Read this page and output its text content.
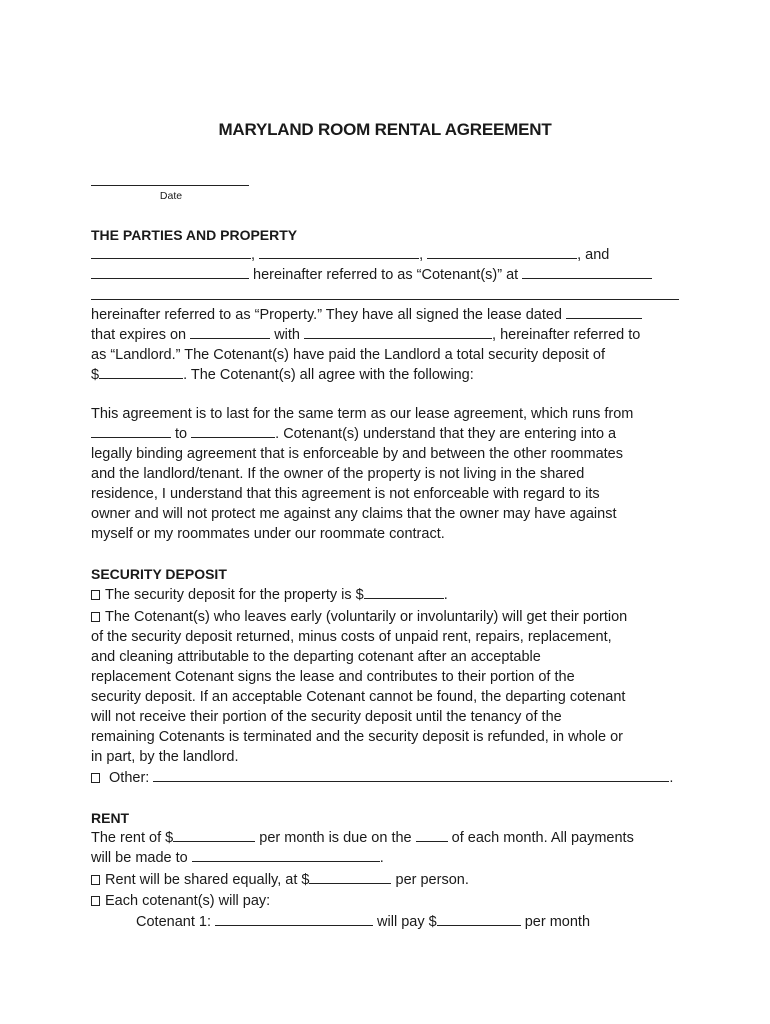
MARYLAND ROOM RENTAL AGREEMENT
Date
THE PARTIES AND PROPERTY
,	,	, and
hereinafter referred to as “Cotenant(s)” at
hereinafter referred to as “Property.” They have all signed the lease dated
that expires on	with	, hereinafter referred to
as “Landlord.” The Cotenant(s) have paid the Landlord a total security deposit of
$	. The Cotenant(s) all agree with the following:
This agreement is to last for the same term as our lease agreement, which runs from
to	. Cotenant(s) understand that they are entering into a
legally binding agreement that is enforceable by and between the other roommates
and the landlord/tenant. If the owner of the property is not living in the shared
residence, I understand that this agreement is not enforceable with regard to its
owner and will not protect me against any claims that the owner may have against
myself or my roommates under our roommate contract.
SECURITY DEPOSIT
The security deposit for the property is $	.
The Cotenant(s) who leaves early (voluntarily or involuntarily) will get their portion
of the security deposit returned, minus costs of unpaid rent, repairs, replacement,
and cleaning attributable to the departing cotenant after an acceptable
replacement Cotenant signs the lease and contributes to their portion of the
security deposit. If an acceptable Cotenant cannot be found, the departing cotenant
will not receive their portion of the security deposit until the tenancy of the
remaining Cotenants is terminated and the security deposit is refunded, in whole or
in part, by the landlord.
Other:	.
RENT
The rent of $	per month is due on the	of each month. All payments
will be made to	.
Rent will be shared equally, at $	per person.
Each cotenant(s) will pay:
Cotenant 1:	will pay $	per month
